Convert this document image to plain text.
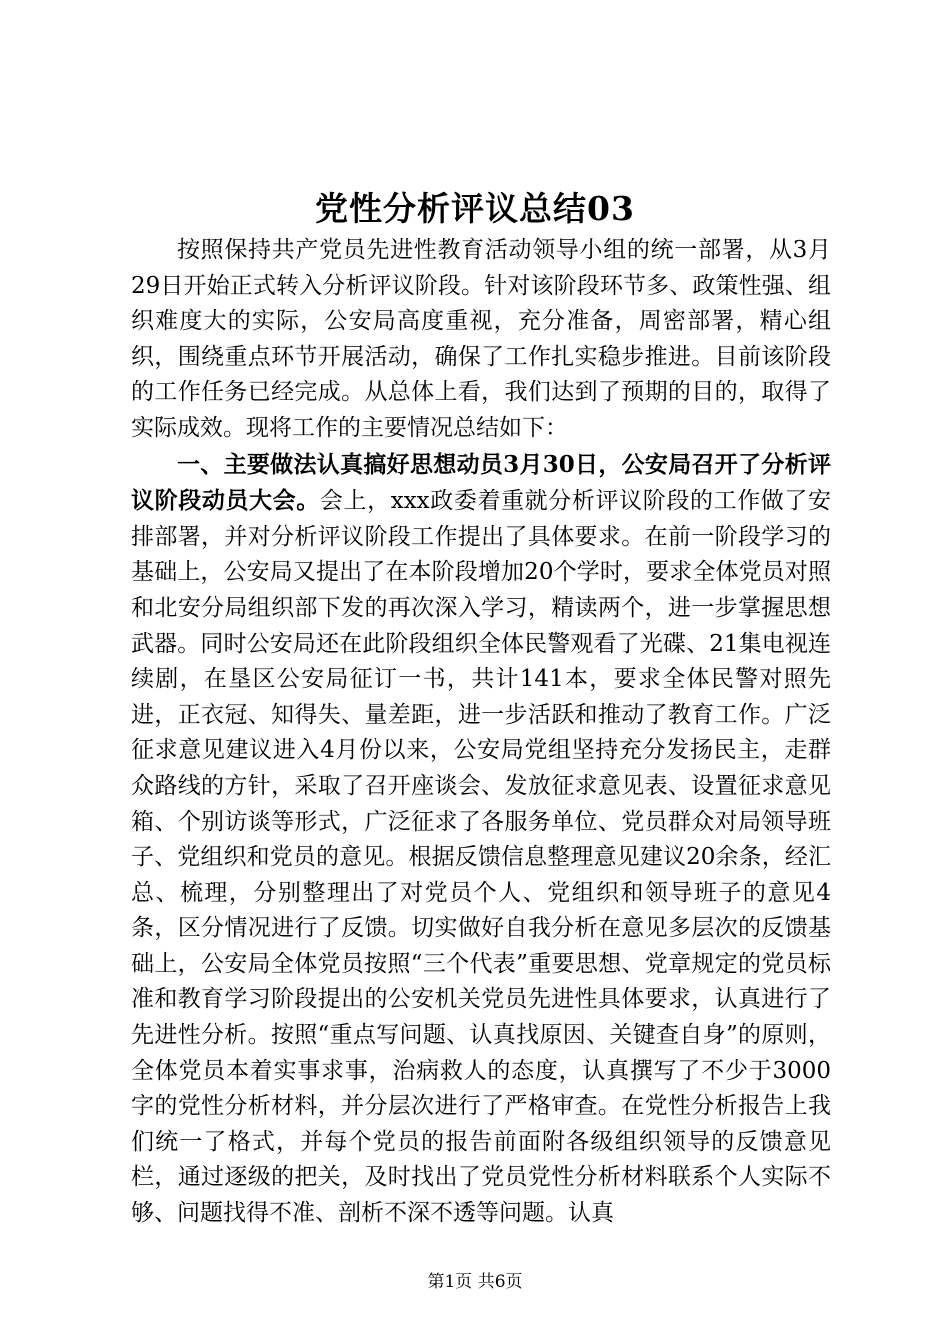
党性分析评议总结03

按照保持共产党员先进性教育活动领导小组的统一部署，从3月29日开始正式转入分析评议阶段。针对该阶段环节多、政策性强、组织难度大的实际，公安局高度重视，充分准备，周密部署，精心组织，围绕重点环节开展活动，确保了工作扎实稳步推进。目前该阶段的工作任务已经完成。从总体上看，我们达到了预期的目的，取得了实际成效。现将工作的主要情况总结如下：

一、主要做法认真搞好思想动员3月30日，公安局召开了分析评议阶段动员大会。会上，xxx政委着重就分析评议阶段的工作做了安排部署，并对分析评议阶段工作提出了具体要求。在前一阶段学习的基础上，公安局又提出了在本阶段增加20个学时，要求全体党员对照和北安分局组织部下发的再次深入学习，精读两个，进一步掌握思想武器。同时公安局还在此阶段组织全体民警观看了光碟、21集电视连续剧，在垦区公安局征订一书，共计141本，要求全体民警对照先进，正衣冠、知得失、量差距，进一步活跃和推动了教育工作。广泛征求意见建议进入4月份以来，公安局党组坚持充分发扬民主，走群众路线的方针，采取了召开座谈会、发放征求意见表、设置征求意见箱、个别访谈等形式，广泛征求了各服务单位、党员群众对局领导班子、党组织和党员的意见。根据反馈信息整理意见建议20余条，经汇总、梳理，分别整理出了对党员个人、党组织和领导班子的意见4条，区分情况进行了反馈。切实做好自我分析在意见多层次的反馈基础上，公安局全体党员按照“三个代表”重要思想、党章规定的党员标准和教育学习阶段提出的公安机关党员先进性具体要求，认真进行了先进性分析。按照“重点写问题、认真找原因、关键查自身”的原则，全体党员本着实事求事，治病救人的态度，认真撰写了不少于3000字的党性分析材料，并分层次进行了严格审查。在党性分析报告上我们统一了格式，并每个党员的报告前面附各级组织领导的反馈意见栏，通过逐级的把关，及时找出了党员党性分析材料联系个人实际不够、问题找得不准、剖析不深不透等问题。认真

第1页 共6页
